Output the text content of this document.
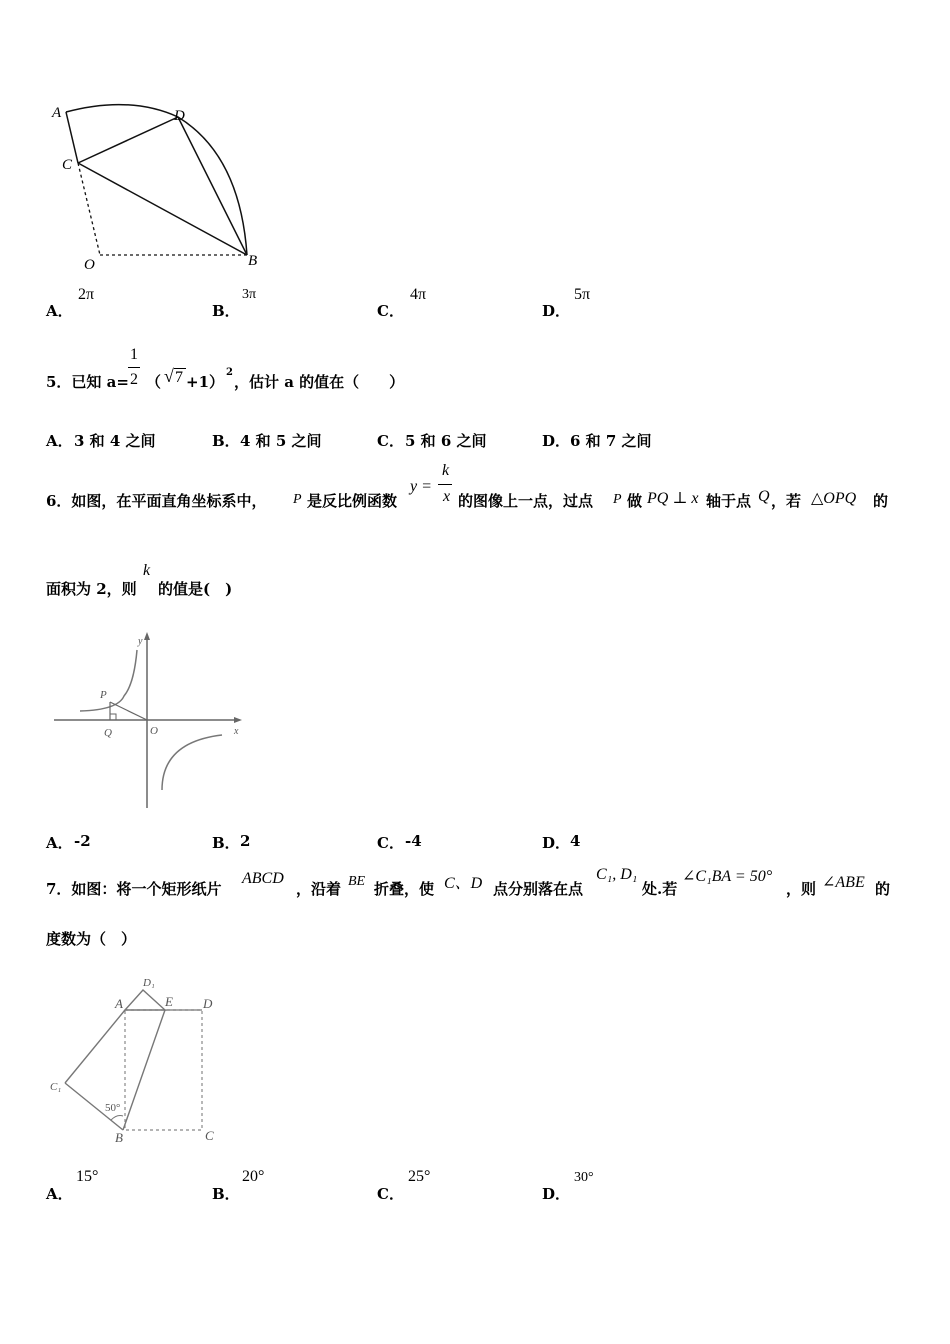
A	D
C
O	B
A．
2π
B．
3π
C．
4π
D．
5π
5．已知 a=
1
2 （ √ 7 +1）
2
，估计 a 的值在（　　）
A． 3 和 4 之间	B． 4 和 5 之间	C． 5 和 6 之间	D． 6 和 7 之间
6．如图，在平面直角坐标系中， P 是反比例函数
y =
k
x 的图像上一点，过点 P 做 PQ ⊥ x 轴于点 Q ，若 △OPQ 的
面积为 2，则
k
的值是(　)
y
x
P
Q	O
A． -2	B． 2	C． -4	D． 4
7．如图：将一个矩形纸片
ABCD
，沿着 BE 折叠，使 C、D 点分别落在点
C₁, D₁
处.若
∠C₁BA = 50°
，则 ∠ABE 的
度数为（　）
A
D₁
E D
C₁
B	C
50°
A．
15°
B．
20°
C．
25°
D．
30°
